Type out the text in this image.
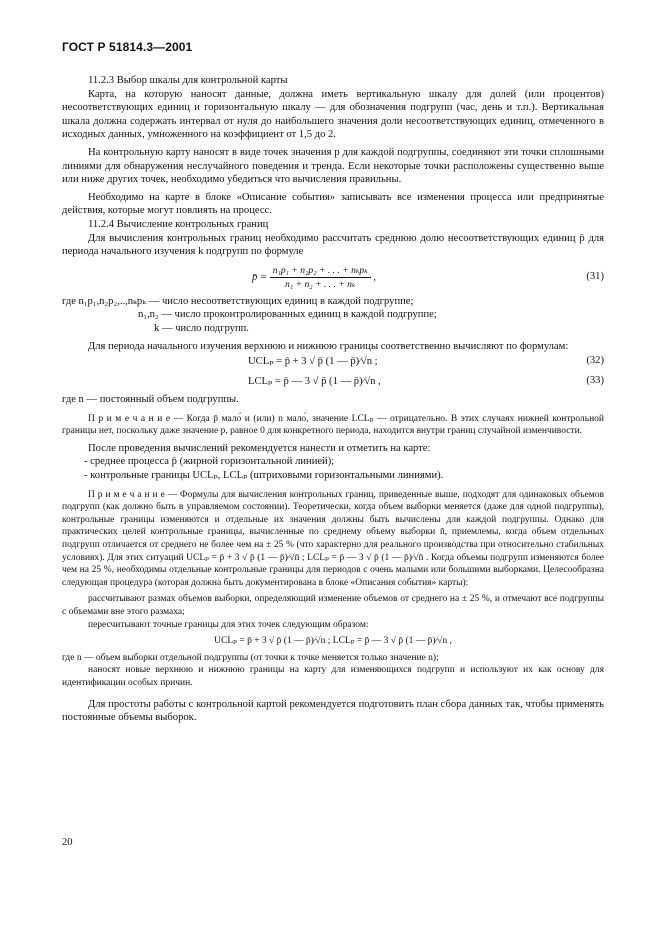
ГОСТ Р 51814.3—2001

11.2.3 Выбор шкалы для контрольной карты

Карта, на которую наносят данные, должна иметь вертикальную шкалу для долей (или процентов) несоответствующих единиц и горизонтальную шкалу — для обозначения подгрупп (час, день и т.п.). Вертикальная шкала должна содержать интервал от нуля до наибольшего значения доли несоответствующих единиц, отмеченного в исходных данных, умноженного на коэффициент от 1,5 до 2.

На контрольную карту наносят в виде точек значения p для каждой подгруппы, соединяют эти точки сплошными линиями для обнаружения неслучайного поведения и тренда. Если некоторые точки расположены существенно выше или ниже других точек, необходимо убедиться что вычисления правильны.

Необходимо на карте в блоке «Описание события» записывать все изменения процесса или предпринятые действия, которые могут повлиять на процесс.

11.2.4 Вычисление контрольных границ

Для вычисления контрольных границ необходимо рассчитать среднюю долю несоответствующих единиц p̄ для периода начального изучения k подгрупп по формуле

p̄ = $\frac{\text{n₁p₁ + n₂p₂ + . . . + nₖpₖ}}{\text{n₁ + n₂ + . . . + nₖ}}$ ,	(31)

где n₁p₁,n₂p₂,..,nₖpₖ — число несоответствующих единиц в каждой подгруппе;

n₁,n₂ — число проконтролированных единиц в каждой подгруппе;

k — число подгрупп.

Для периода начального изучения верхнюю и нижнюю границы соответственно вычисляют по формулам:

UCLₚ = p̄ + 3 √ p̄ (1 — p̄)⁄√n ;	(32)
LCLₚ = p̄ — 3 √ p̄ (1 — p̄)⁄√n ,	(33)

где n — постоянный объем подгруппы.

П р и м е ч а н и е — Когда p̄ мало́ и (или) n мало́, значение LCLₚ — отрицательно. В этих случаях нижней контрольной границы нет, поскольку даже значение p, равное 0 для конкретного периода, находится внутри границ случайной изменчивости.

После проведения вычислений рекомендуется нанести и отметить на карте:

- среднее процесса p̄ (жирной горизонтальной линией);

- контрольные границы UCLₚ, LCLₚ (штриховыми горизонтальными линиями).

П р и м е ч а н и е — Формулы для вычисления контрольных границ, приведенные выше, подходят для одинаковых объемов подгрупп (как должно быть в управляемом состоянии). Теоретически, когда объем выборки меняется (даже для одной подгруппы), контрольные границы изменяются и отдельные их значения должны быть вычислены для каждой подгруппы. Однако для практических целей контрольные границы, вычисленные по среднему объему выборки n̄, приемлемы, когда объем отдельных подгрупп отличается от среднего не более чем на ± 25 % (что характерно для реального производства при относительно стабильных условиях). Для этих ситуаций UCLₚ = p̄ + 3 √ p̄ (1 — p̄)⁄√n̄ ; LCLₚ = p̄ — 3 √ p̄ (1 — p̄)⁄√n̄ . Когда объемы подгрупп изменяются более чем на 25 %, необходимы отдельные контрольные границы для периодов с очень малыми или большими выборками. Целесообразна следующая процедура (которая должна быть документирована в блоке «Описания события» карты):

рассчитывают размах объемов выборки, определяющий изменение объемов от среднего на ± 25 %, и отмечают все подгруппы с объемами вне этого размаха;

пересчитывают точные границы для этих точек следующим образом:

UCLₚ = p̄ + 3 √ p̄ (1 — p̄)⁄√n ; LCLₚ = p̄ — 3 √ p̄ (1 — p̄)⁄√n ,

где n — объем выборки отдельной подгруппы (от точки к точке меняется только значение n);

наносят новые верхнюю и нижнюю границы на карту для изменяющихся подгрупп и используют их как основу для идентификации особых причин.

Для простоты работы с контрольной картой рекомендуется подготовить план сбора данных так, чтобы применять постоянные объемы выборок.

20
